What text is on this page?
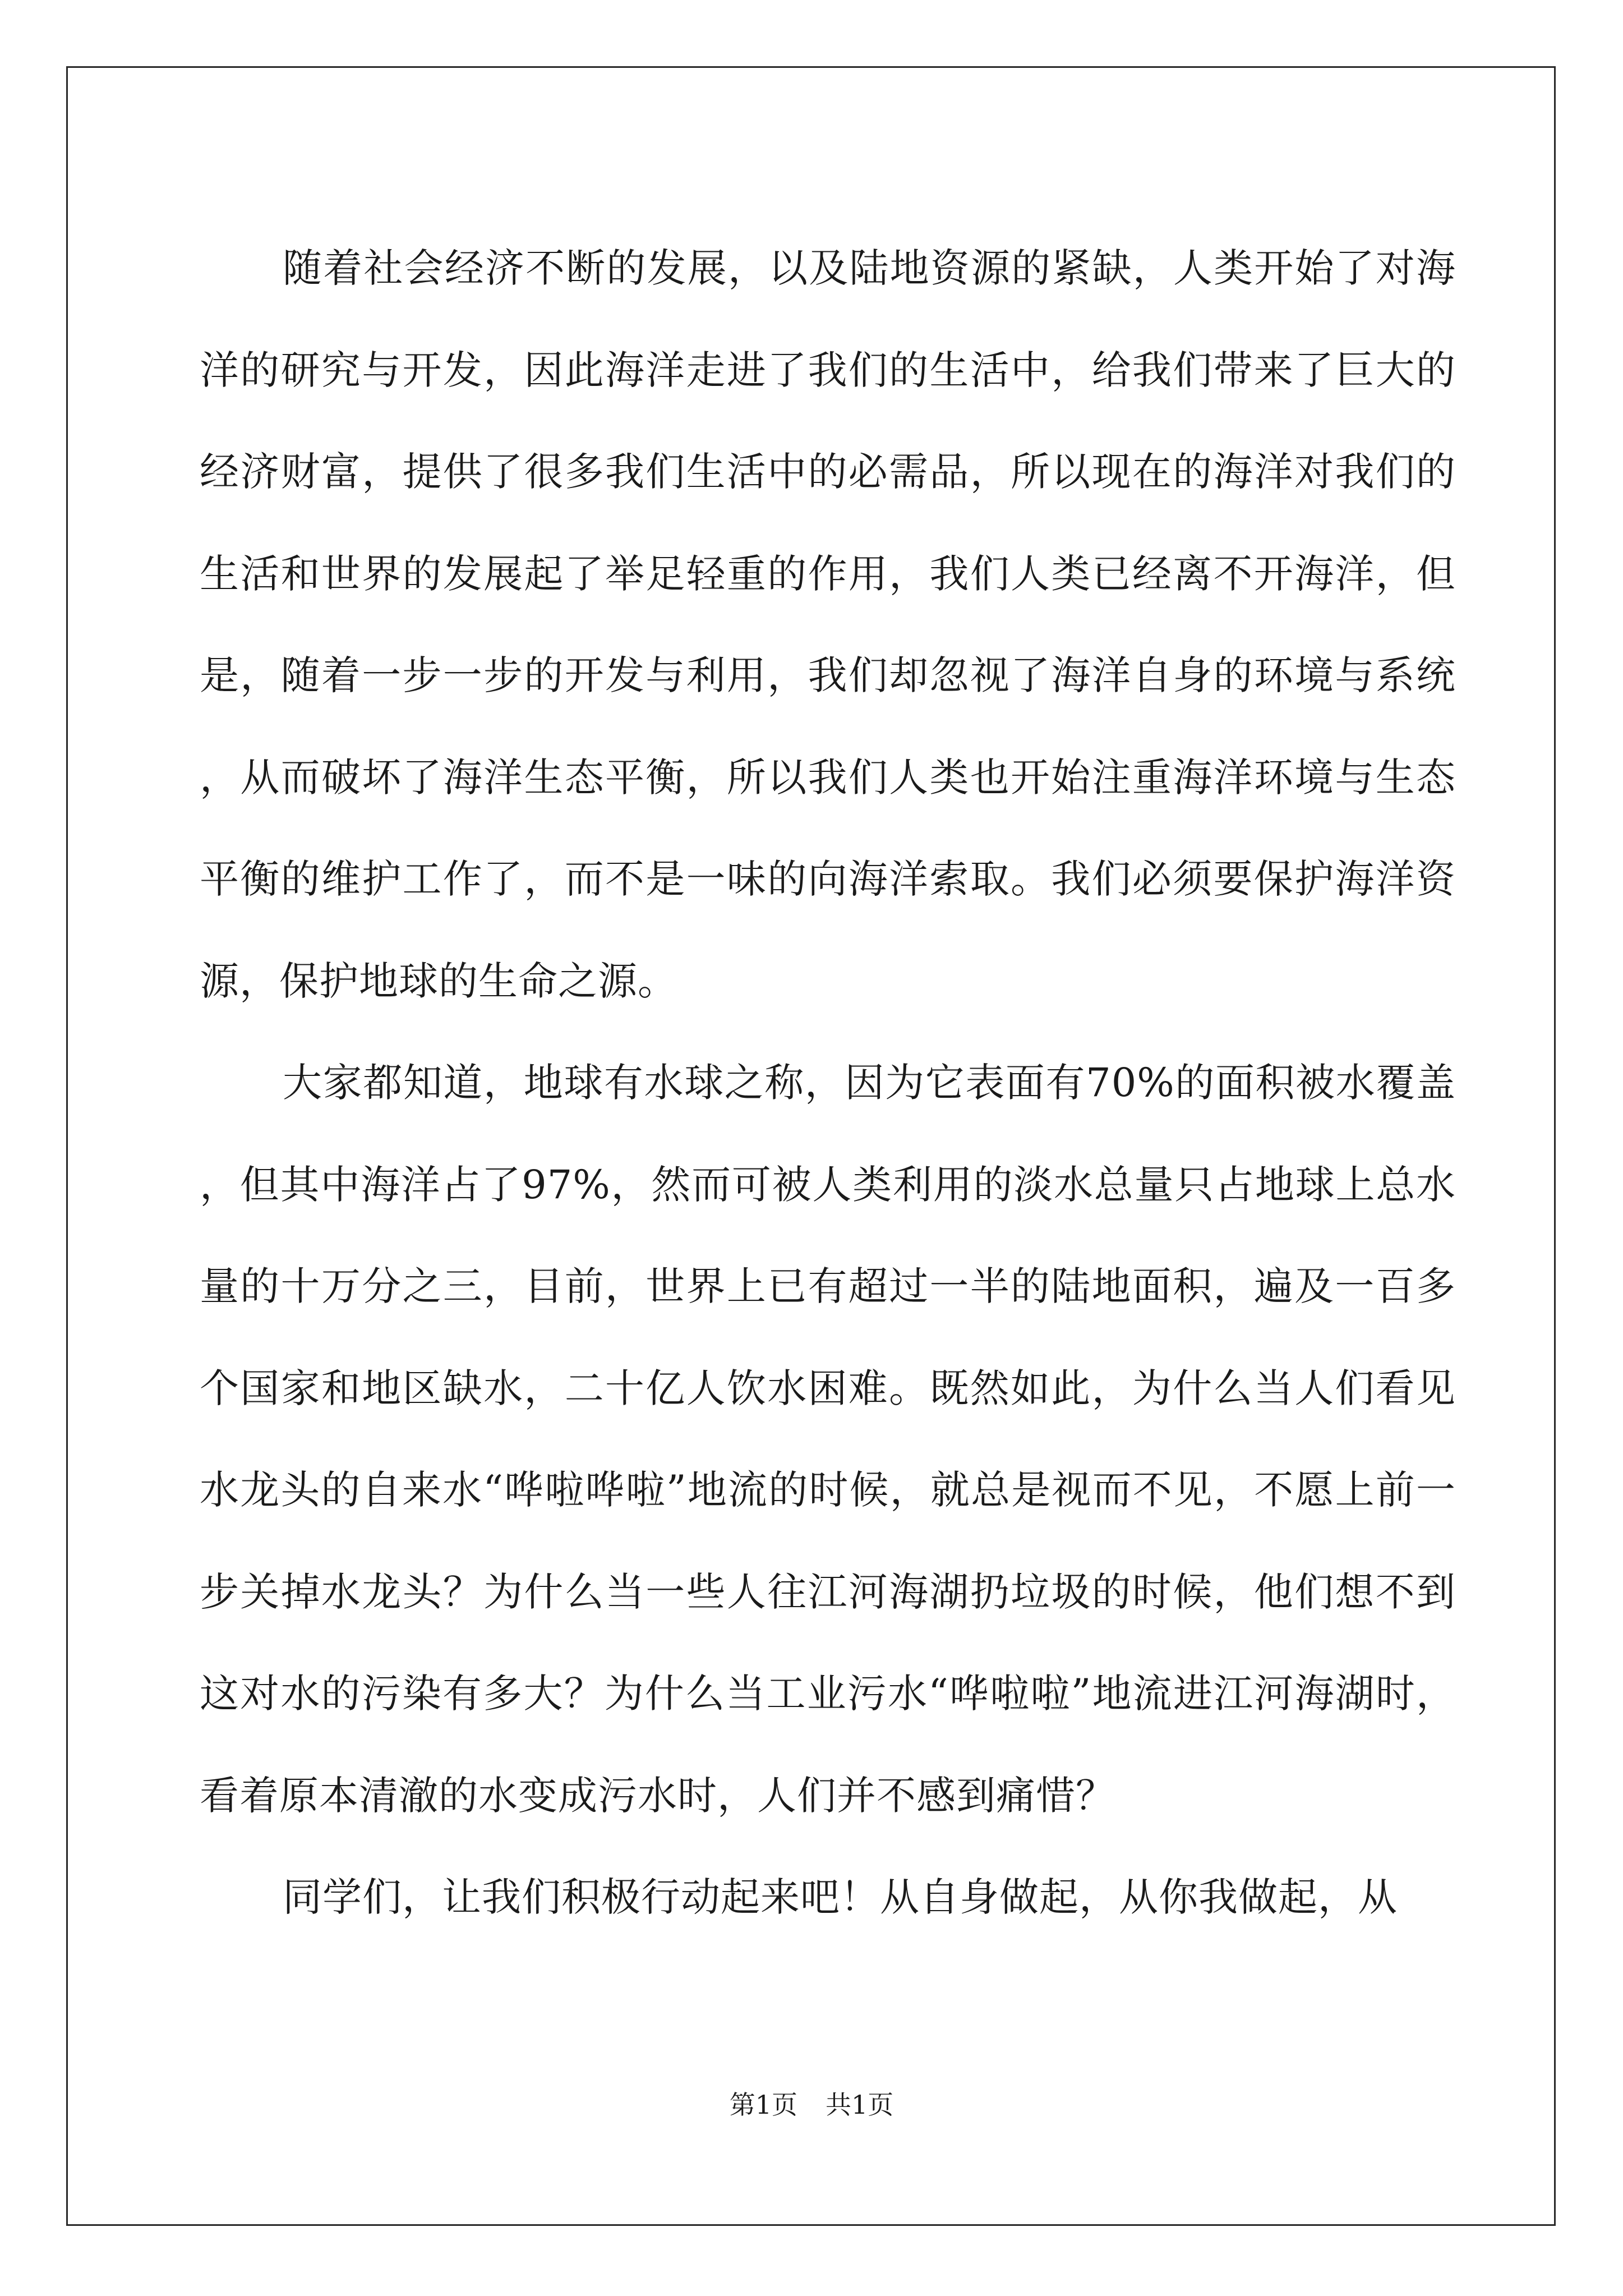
随着社会经济不断的发展，以及陆地资源的紧缺，人类开始了对海洋的研究与开发，因此海洋走进了我们的生活中，给我们带来了巨大的经济财富，提供了很多我们生活中的必需品，所以现在的海洋对我们的生活和世界的发展起了举足轻重的作用，我们人类已经离不开海洋，但是，随着一步一步的开发与利用，我们却忽视了海洋自身的环境与系统，从而破坏了海洋生态平衡，所以我们人类也开始注重海洋环境与生态平衡的维护工作了，而不是一味的向海洋索取。我们必须要保护海洋资源，保护地球的生命之源。

大家都知道，地球有水球之称，因为它表面有70%的面积被水覆盖，但其中海洋占了97%，然而可被人类利用的淡水总量只占地球上总水量的十万分之三，目前，世界上已有超过一半的陆地面积，遍及一百多个国家和地区缺水，二十亿人饮水困难。既然如此，为什么当人们看见水龙头的自来水“哗啦哗啦”地流的时候，就总是视而不见，不愿上前一步关掉水龙头？为什么当一些人往江河海湖扔垃圾的时候，他们想不到这对水的污染有多大？为什么当工业污水“哗啦啦”地流进江河海湖时，看着原本清澈的水变成污水时，人们并不感到痛惜？

同学们，让我们积极行动起来吧！从自身做起，从你我做起，从

第1页 共1页
